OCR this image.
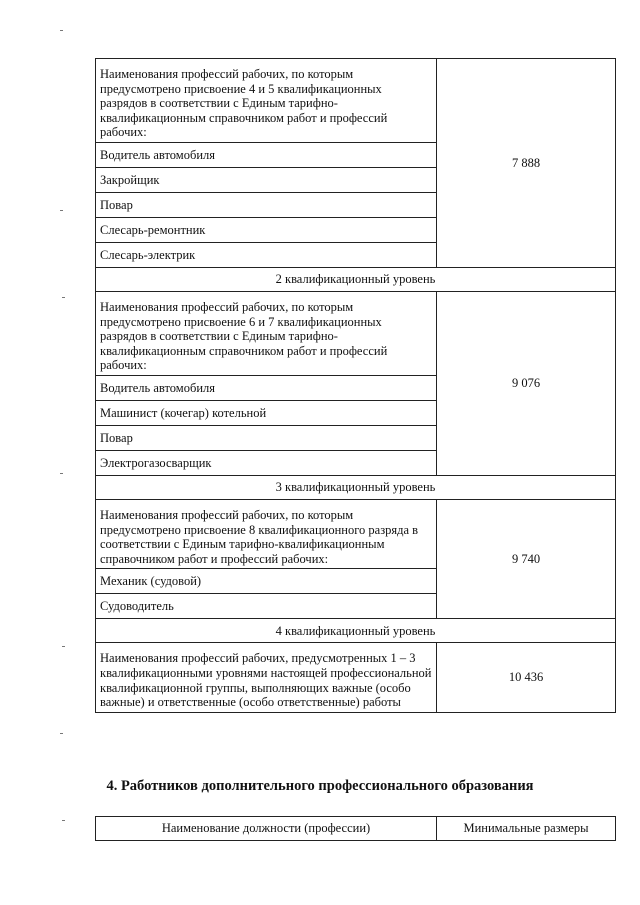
Наименования профессий рабочих, по которым предусмотрено присвоение 4 и 5 квалификационных разрядов в соответствии с Единым тарифно-квалификационным справочником работ и профессий рабочих:	7 888
Водитель автомобиля	
Закройщик	
Повар	
Слесарь-ремонтник	
Слесарь-электрик	
2 квалификационный уровень	
Наименования профессий рабочих, по которым предусмотрено присвоение 6 и 7 квалификационных разрядов в соответствии с Единым тарифно-квалификационным справочником работ и профессий рабочих:	9 076
Водитель автомобиля	
Машинист (кочегар) котельной	
Повар	
Электрогазосварщик	
3 квалификационный уровень	
Наименования профессий рабочих, по которым предусмотрено присвоение 8 квалификационного разряда в соответствии с Единым тарифно-квалификационным справочником работ и профессий рабочих:	9 740
Механик (судовой)	
Судоводитель	
4 квалификационный уровень	
Наименования профессий рабочих, предусмотренных 1 – 3 квалификационными уровнями настоящей профессиональной квалификационной группы, выполняющих важные (особо важные) и ответственные (особо ответственные) работы	10 436
4. Работников дополнительного профессионального образования
Наименование должности (профессии)	Минимальные размеры
